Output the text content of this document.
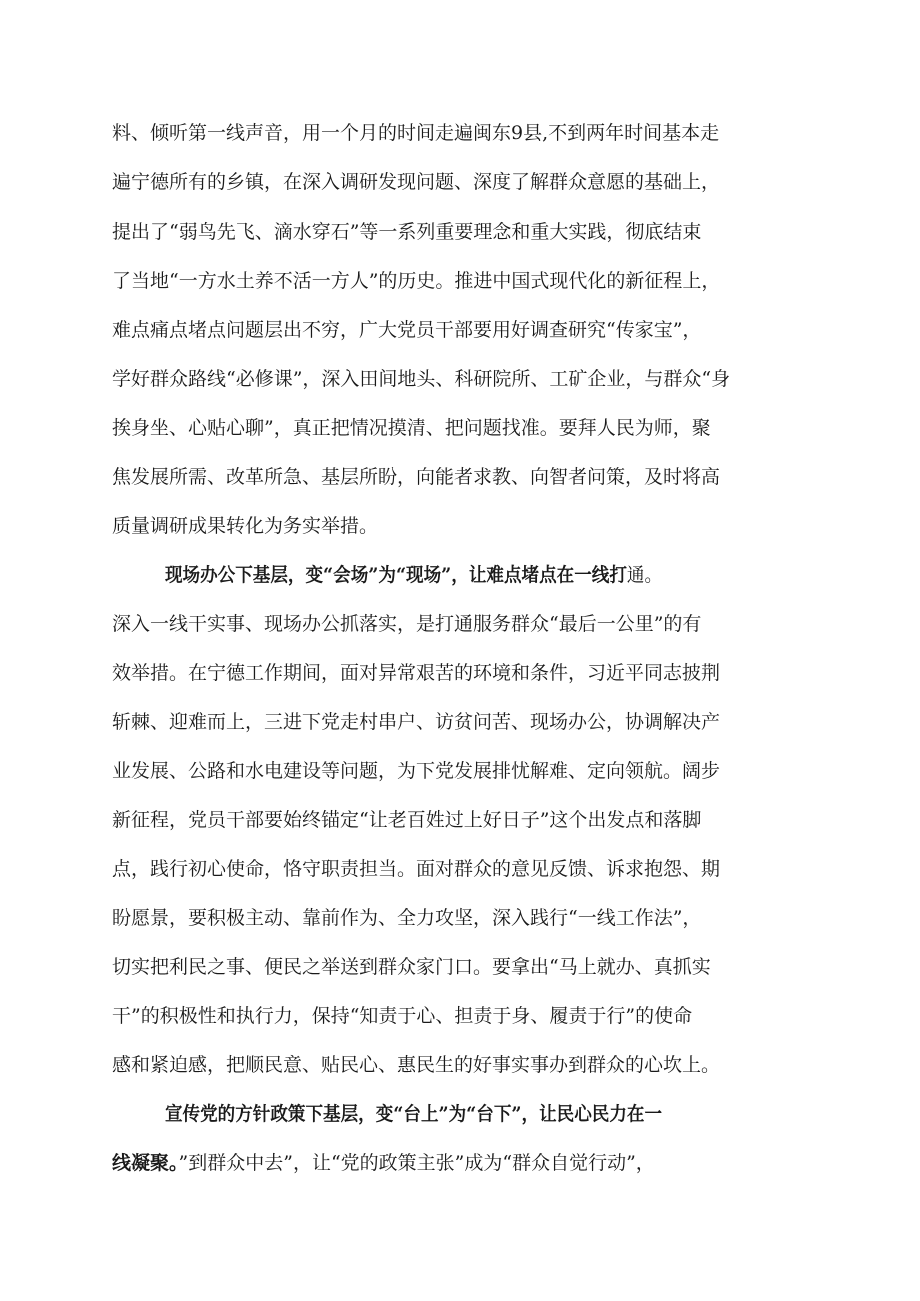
料、倾听第一线声音，用一个月的时间走遍闽东9县,不到两年时间基本走
遍宁德所有的乡镇，在深入调研发现问题、深度了解群众意愿的基础上，
提出了“弱鸟先飞、滴水穿石”等一系列重要理念和重大实践，彻底结束
了当地“一方水土养不活一方人”的历史。推进中国式现代化的新征程上，
难点痛点堵点问题层出不穷，广大党员干部要用好调查研究“传家宝”，
学好群众路线“必修课”，深入田间地头、科研院所、工矿企业，与群众“身
挨身坐、心贴心聊”，真正把情况摸清、把问题找准。要拜人民为师，聚
焦发展所需、改革所急、基层所盼，向能者求教、向智者问策，及时将高
质量调研成果转化为务实举措。
现场办公下基层，变“会场”为“现场”，让难点堵点在一线打通。
深入一线干实事、现场办公抓落实，是打通服务群众“最后一公里”的有
效举措。在宁德工作期间，面对异常艰苦的环境和条件，习近平同志披荆
斩棘、迎难而上，三进下党走村串户、访贫问苦、现场办公，协调解决产
业发展、公路和水电建设等问题，为下党发展排忧解难、定向领航。阔步
新征程，党员干部要始终锚定“让老百姓过上好日子”这个出发点和落脚
点，践行初心使命，恪守职责担当。面对群众的意见反馈、诉求抱怨、期
盼愿景，要积极主动、靠前作为、全力攻坚，深入践行“一线工作法”，
切实把利民之事、便民之举送到群众家门口。要拿出“马上就办、真抓实
干”的积极性和执行力，保持“知责于心、担责于身、履责于行”的使命
感和紧迫感，把顺民意、贴民心、惠民生的好事实事办到群众的心坎上。
宣传党的方针政策下基层，变“台上”为“台下”，让民心民力在一
线凝聚。”到群众中去”，让“党的政策主张”成为“群众自觉行动”，
